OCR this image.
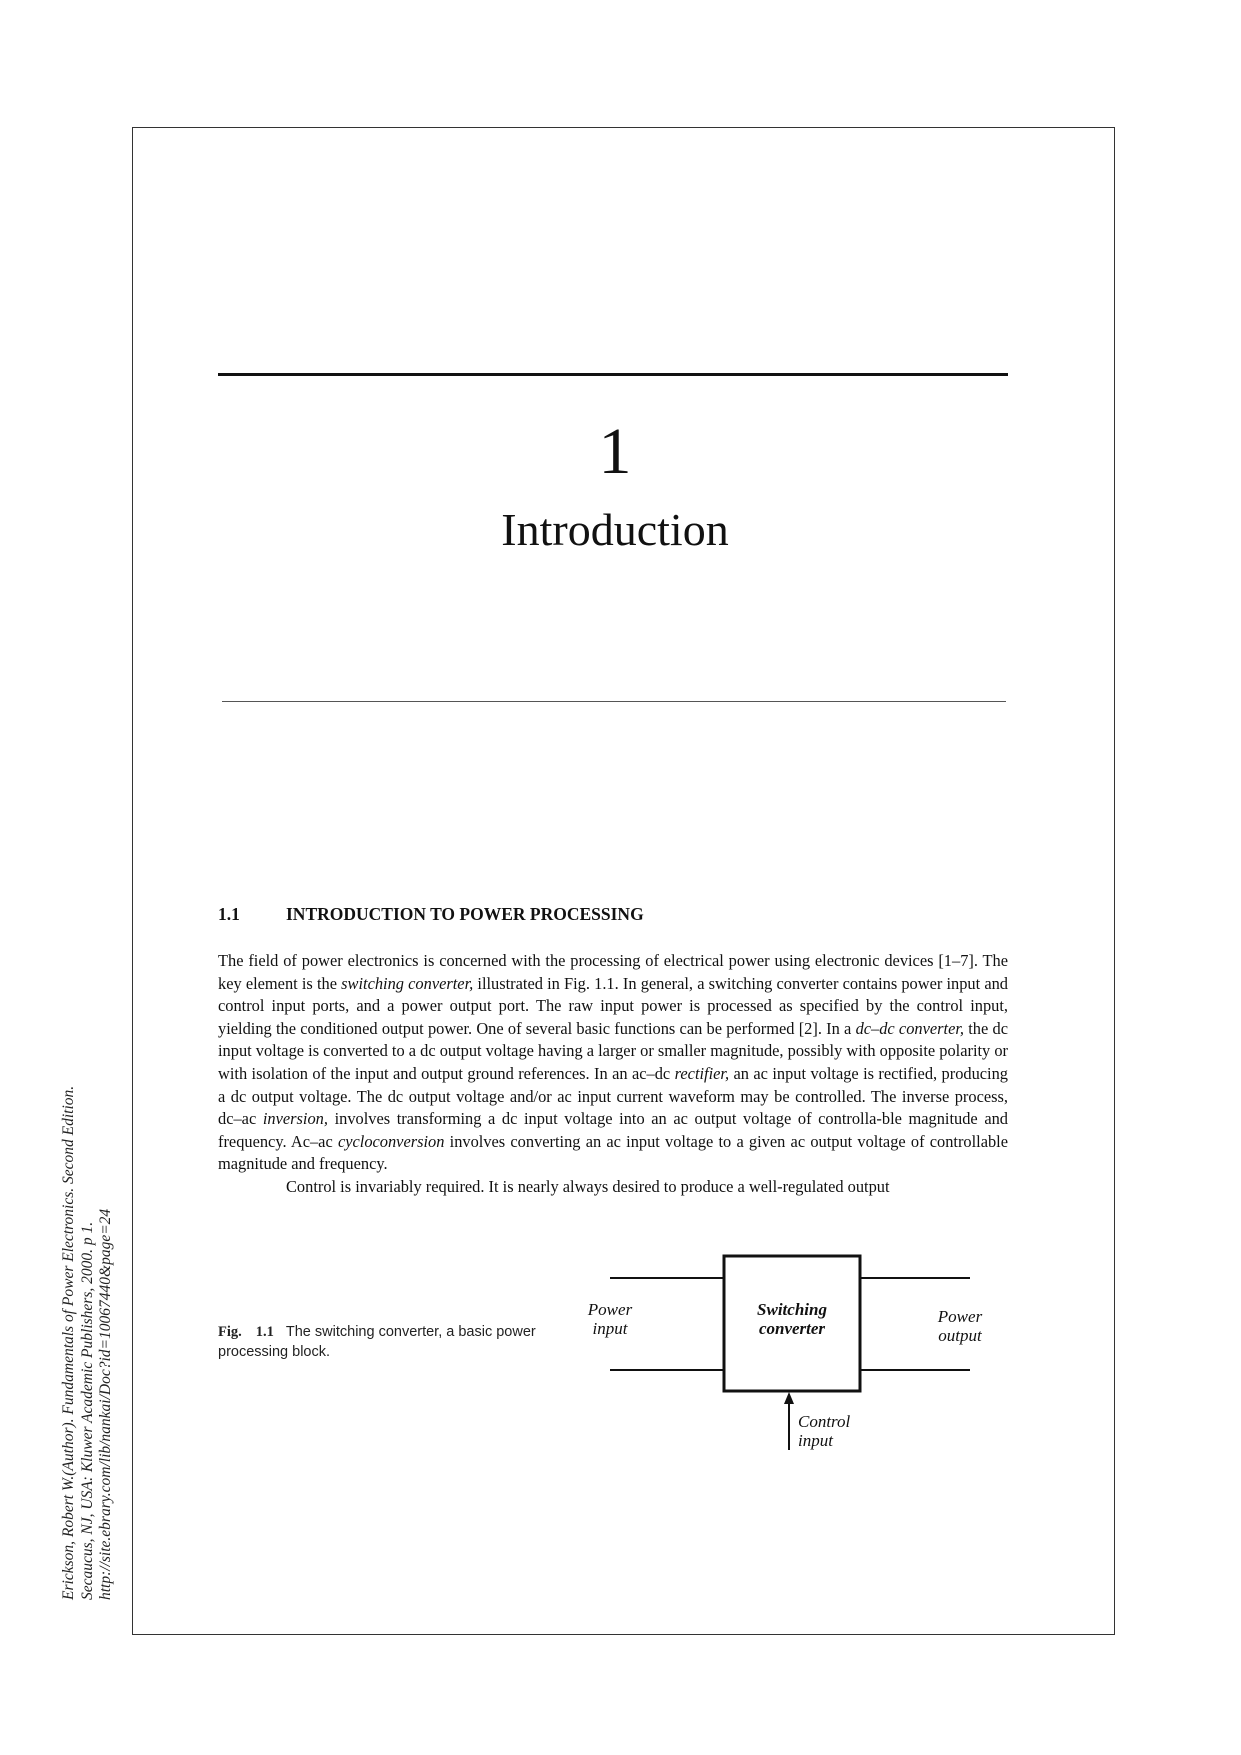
Erickson, Robert W.(Author). Fundamentals of Power Electronics. Second Edition. Secaucus, NJ, USA: Kluwer Academic Publishers, 2000. p 1. http://site.ebrary.com/lib/nankai/Doc?id=10067440&page=24
1
Introduction
1.1	INTRODUCTION TO POWER PROCESSING

The field of power electronics is concerned with the processing of electrical power using electronic devices [1–7]. The key element is the switching converter, illustrated in Fig. 1.1. In general, a switching converter contains power input and control input ports, and a power output port. The raw input power is processed as specified by the control input, yielding the conditioned output power. One of several basic functions can be performed [2]. In a dc–dc converter, the dc input voltage is converted to a dc output voltage having a larger or smaller magnitude, possibly with opposite polarity or with isolation of the input and output ground references. In an ac–dc rectifier, an ac input voltage is rectified, producing a dc output voltage. The dc output voltage and/or ac input current waveform may be controlled. The inverse process, dc–ac inversion, involves transforming a dc input voltage into an ac output voltage of controlla-ble magnitude and frequency. Ac–ac cycloconversion involves converting an ac input voltage to a given ac output voltage of controllable magnitude and frequency.

Control is invariably required. It is nearly always desired to produce a well-regulated output

Fig. 1.1 The switching converter, a basic power processing block.
Power
input
Switching
converter
Power
output
Control
input
